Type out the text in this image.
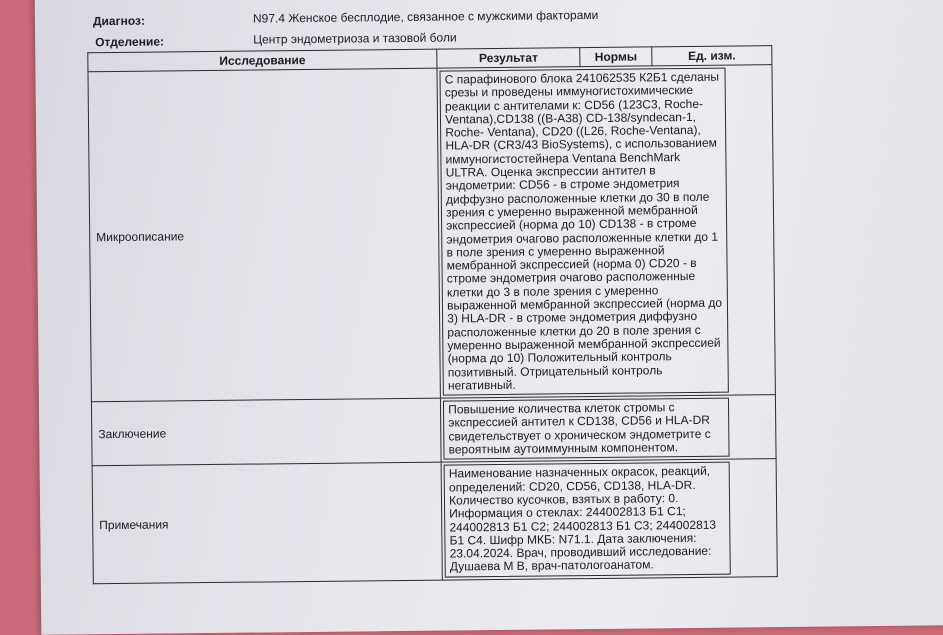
Диагноз:	N97.4 Женское бесплодие, связанное с мужскими факторами
Отделение:	Центр эндометриоза и тазовой боли
Исследование	Результат	Нормы	Ед. изм.
Микроописание	С парафинового блока 241062535 К2Б1 сделаны срезы и проведены иммуногистохимические реакции с антителами к: CD56 (123С3, Roche-Ventana),CD138 ((B-A38) CD-138/syndecan-1, Roche- Ventana), CD20 ((L26, Roche-Ventana), HLA-DR (CR3/43 BioSystems), с использованием иммуногистостейнера Ventana BenchMark ULTRA. Оценка экспрессии антител в эндометрии: CD56 - в строме эндометрия диффузно расположенные клетки до 30 в поле зрения с умеренно выраженной мембранной экспрессией (норма до 10) CD138 - в строме эндометрия очагово расположенные клетки до 1 в поле зрения с умеренно выраженной мембранной экспрессией (норма 0) CD20 - в строме эндометрия очагово расположенные клетки до 3 в поле зрения с умеренно выраженной мембранной экспрессией (норма до 3) HLA-DR - в строме эндометрия диффузно расположенные клетки до 20 в поле зрения с умеренно выраженной мембранной экспрессией (норма до 10) Положительный контроль позитивный. Отрицательный контроль негативный.		

Заключение	Повышение количества клеток стромы с экспрессией антител к CD138, CD56 и HLA-DR свидетельствует о хроническом эндометрите с вероятным аутоиммунным компонентом.		

Примечания	Наименование назначенных окрасок, реакций, определений: CD20, CD56, CD138, HLA-DR. Количество кусочков, взятых в работу: 0. Информация о стеклах: 244002813 Б1 С1; 244002813 Б1 С2; 244002813 Б1 С3; 244002813 Б1 С4. Шифр МКБ: N71.1. Дата заключения: 23.04.2024. Врач, проводивший исследование: Душаева М В, врач-патологоанатом.		
